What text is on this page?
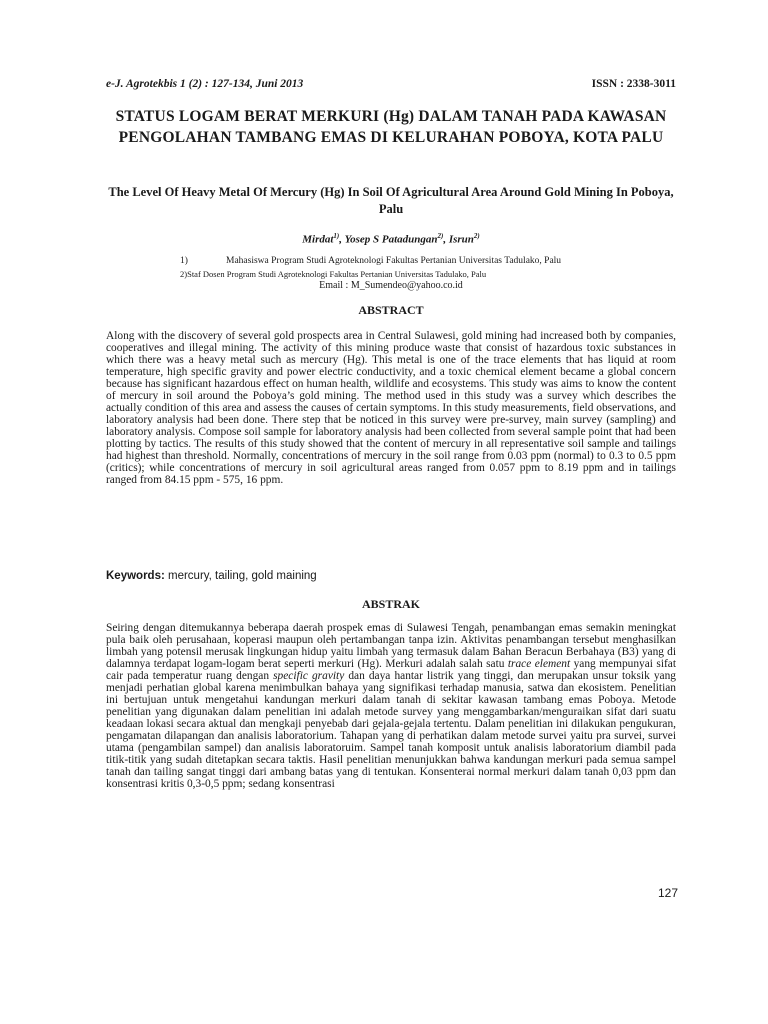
e-J. Agrotekbis 1 (2) : 127-134, Juni 2013	ISSN : 2338-3011
STATUS LOGAM BERAT MERKURI (Hg) DALAM TANAH PADA KAWASAN PENGOLAHAN TAMBANG EMAS DI KELURAHAN POBOYA, KOTA PALU
The Level Of Heavy Metal Of Mercury (Hg) In Soil Of Agricultural Area Around Gold Mining In Poboya, Palu
Mirdat$^{1)}$, Yosep S Patadungan$^{2)}$, Isrun$^{2)}$
1)	Mahasiswa Program Studi Agroteknologi Fakultas Pertanian Universitas Tadulako, Palu
2)Staf Dosen Program Studi Agroteknologi Fakultas Pertanian Universitas Tadulako, Palu
Email : M_Sumendeo@yahoo.co.id
ABSTRACT

Along with the discovery of several gold prospects area in Central Sulawesi, gold mining had increased both by companies, cooperatives and illegal mining. The activity of this mining produce waste that consist of hazardous toxic substances in which there was a heavy metal such as mercury (Hg). This metal is one of the trace elements that has liquid at room temperature, high specific gravity and power electric conductivity, and a toxic chemical element became a global concern because has significant hazardous effect on human health, wildlife and ecosystems. This study was aims to know the content of mercury in soil around the Poboya’s gold mining. The method used in this study was a survey which describes the actually condition of this area and assess the causes of certain symptoms. In this study measurements, field observations, and laboratory analysis had been done. There step that be noticed in this survey were pre-survey, main survey (sampling) and laboratory analysis. Compose soil sample for laboratory analysis had been collected from several sample point that had been plotting by tactics. The results of this study showed that the content of mercury in all representative soil sample and tailings had highest than threshold. Normally, concentrations of mercury in the soil range from 0.03 ppm (normal) to 0.3 to 0.5 ppm (critics); while concentrations of mercury in soil agricultural areas ranged from 0.057 ppm to 8.19 ppm and in tailings ranged from 84.15 ppm - 575, 16 ppm.

Keywords: mercury, tailing, gold maining
ABSTRAK

Seiring dengan ditemukannya beberapa daerah prospek emas di Sulawesi Tengah, penambangan emas semakin meningkat pula baik oleh perusahaan, koperasi maupun oleh pertambangan tanpa izin. Aktivitas penambangan tersebut menghasilkan limbah yang potensil merusak lingkungan hidup yaitu limbah yang termasuk dalam Bahan Beracun Berbahaya (B3) yang di dalamnya terdapat logam-logam berat seperti merkuri (Hg). Merkuri adalah salah satu trace element yang mempunyai sifat cair pada temperatur ruang dengan specific gravity dan daya hantar listrik yang tinggi, dan merupakan unsur toksik yang menjadi perhatian global karena menimbulkan bahaya yang signifikasi terhadap manusia, satwa dan ekosistem. Penelitian ini bertujuan untuk mengetahui kandungan merkuri dalam tanah di sekitar kawasan tambang emas Poboya. Metode penelitian yang digunakan dalam penelitian ini adalah metode survey yang menggambarkan/menguraikan sifat dari suatu keadaan lokasi secara aktual dan mengkaji penyebab dari gejala-gejala tertentu. Dalam penelitian ini dilakukan pengukuran, pengamatan dilapangan dan analisis laboratorium. Tahapan yang di perhatikan dalam metode survei yaitu pra survei, survei utama (pengambilan sampel) dan analisis laboratoruim. Sampel tanah komposit untuk analisis laboratorium diambil pada titik-titik yang sudah ditetapkan secara taktis. Hasil penelitian menunjukkan bahwa kandungan merkuri pada semua sampel tanah dan tailing sangat tinggi dari ambang batas yang di tentukan. Konsenterai normal merkuri dalam tanah 0,03 ppm dan konsentrasi kritis 0,3-0,5 ppm; sedang konsentrasi

127
